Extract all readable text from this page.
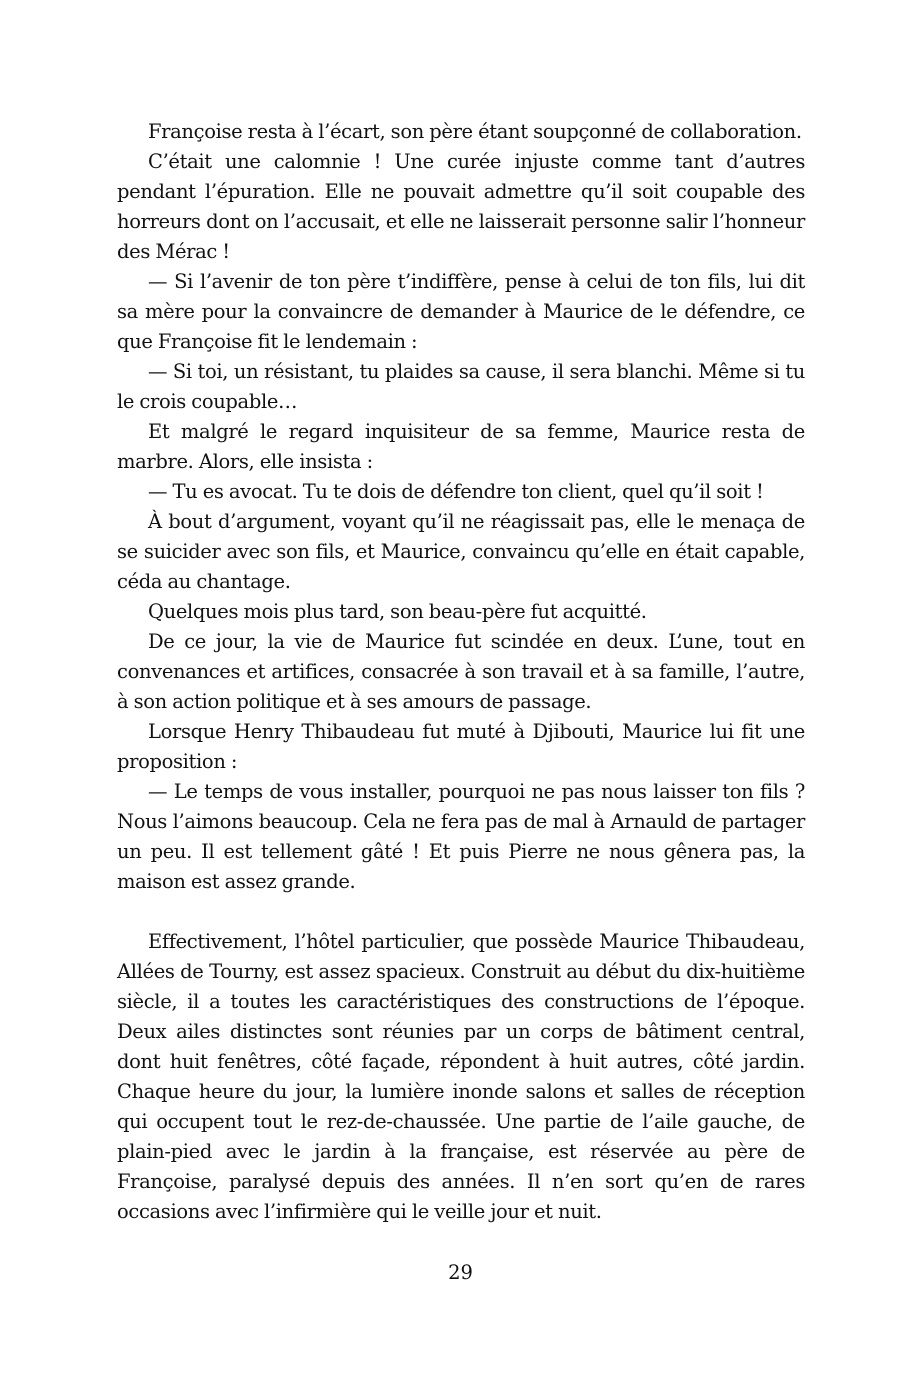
Françoise resta à l’écart, son père étant soupçonné de collaboration.

C’était une calomnie ! Une curée injuste comme tant d’autres pendant l’épuration. Elle ne pouvait admettre qu’il soit coupable des horreurs dont on l’accusait, et elle ne laisserait personne salir l’honneur des Mérac !

— Si l’avenir de ton père t’indiffère, pense à celui de ton fils, lui dit sa mère pour la convaincre de demander à Maurice de le défendre, ce que Françoise fit le lendemain :

— Si toi, un résistant, tu plaides sa cause, il sera blanchi. Même si tu le crois coupable…

Et malgré le regard inquisiteur de sa femme, Maurice resta de marbre. Alors, elle insista :

— Tu es avocat. Tu te dois de défendre ton client, quel qu’il soit !

À bout d’argument, voyant qu’il ne réagissait pas, elle le menaça de se suicider avec son fils, et Maurice, convaincu qu’elle en était capable, céda au chantage.

Quelques mois plus tard, son beau-père fut acquitté.

De ce jour, la vie de Maurice fut scindée en deux. L’une, tout en convenances et artifices, consacrée à son travail et à sa famille, l’autre, à son action politique et à ses amours de passage.

Lorsque Henry Thibaudeau fut muté à Djibouti, Maurice lui fit une proposition :

— Le temps de vous installer, pourquoi ne pas nous laisser ton fils ? Nous l’aimons beaucoup. Cela ne fera pas de mal à Arnauld de partager un peu. Il est tellement gâté ! Et puis Pierre ne nous gênera pas, la maison est assez grande.

Effectivement, l’hôtel particulier, que possède Maurice Thibaudeau, Allées de Tourny, est assez spacieux. Construit au début du dix-huitième siècle, il a toutes les caractéristiques des constructions de l’époque. Deux ailes distinctes sont réunies par un corps de bâtiment central, dont huit fenêtres, côté façade, répondent à huit autres, côté jardin. Chaque heure du jour, la lumière inonde salons et salles de réception qui occupent tout le rez-de-chaussée. Une partie de l’aile gauche, de plain-pied avec le jardin à la française, est réservée au père de Françoise, paralysé depuis des années. Il n’en sort qu’en de rares occasions avec l’infirmière qui le veille jour et nuit.

29
